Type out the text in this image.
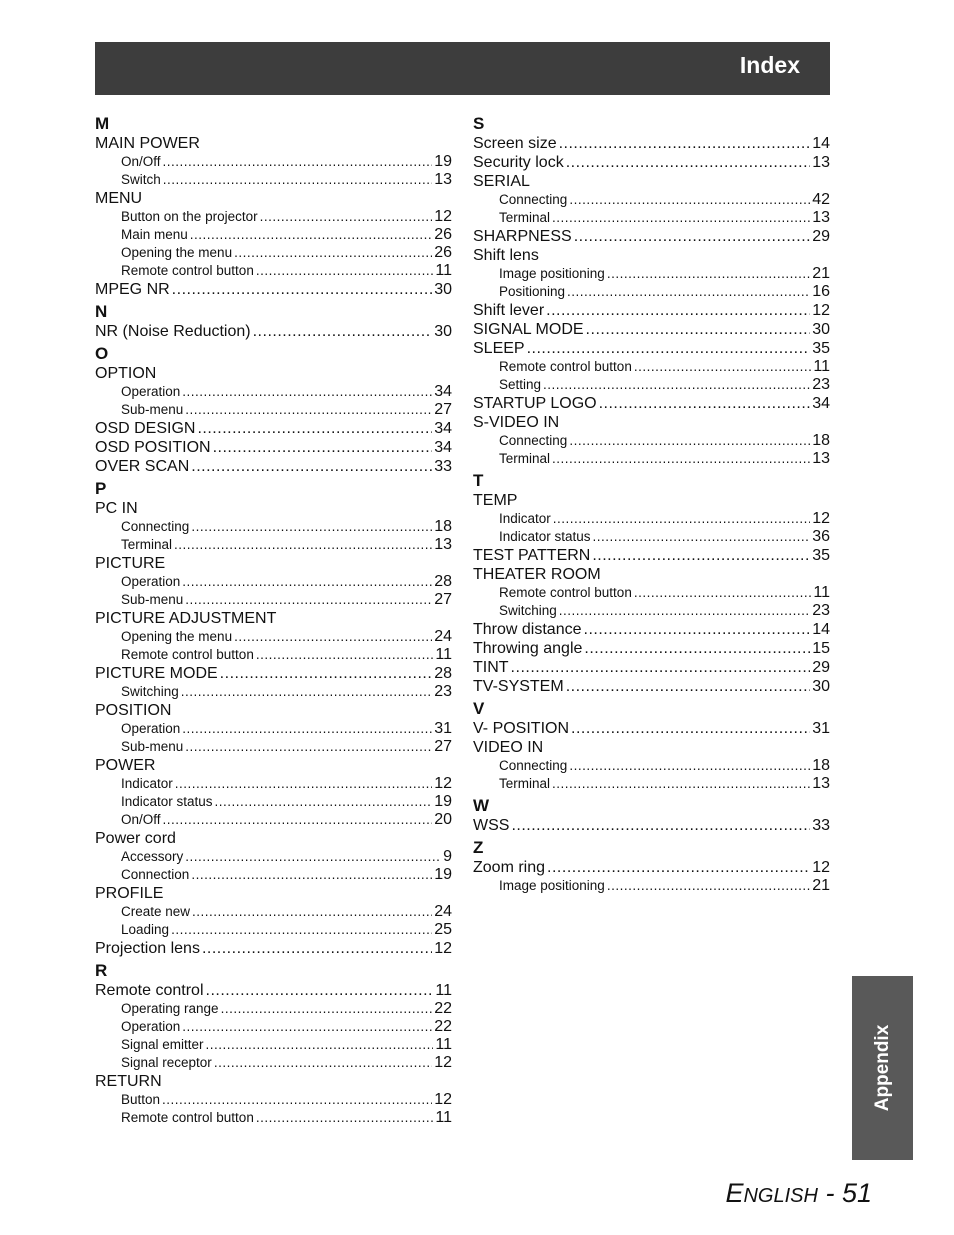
Index
M
MAIN POWER
On/Off .....	19
Switch .....	13
MENU
Button on the projector .....	12
Main menu .....	26
Opening the menu .....	26
Remote control button .....	11
MPEG NR .....	30
N
NR (Noise Reduction) .....	30
O
OPTION
Operation .....	34
Sub-menu .....	27
OSD DESIGN .....	34
OSD POSITION .....	34
OVER SCAN .....	33
P
PC IN
Connecting .....	18
Terminal .....	13
PICTURE
Operation .....	28
Sub-menu .....	27
PICTURE ADJUSTMENT
Opening the menu .....	24
Remote control button .....	11
PICTURE MODE .....	28
Switching .....	23
POSITION
Operation .....	31
Sub-menu .....	27
POWER
Indicator .....	12
Indicator status .....	19
On/Off .....	20
Power cord
Accessory .....	9
Connection .....	19
PROFILE
Create new .....	24
Loading .....	25
Projection lens .....	12
R
Remote control .....	11
Operating range .....	22
Operation .....	22
Signal emitter .....	11
Signal receptor .....	12
RETURN
Button .....	12
Remote control button .....	11
S
Screen size .....	14
Security lock .....	13
SERIAL
Connecting .....	42
Terminal .....	13
SHARPNESS .....	29
Shift lens
Image positioning .....	21
Positioning .....	16
Shift lever .....	12
SIGNAL MODE .....	30
SLEEP .....	35
Remote control button .....	11
Setting .....	23
STARTUP LOGO .....	34
S-VIDEO IN
Connecting .....	18
Terminal .....	13
T
TEMP
Indicator .....	12
Indicator status .....	36
TEST PATTERN .....	35
THEATER ROOM
Remote control button .....	11
Switching .....	23
Throw distance .....	14
Throwing angle .....	15
TINT .....	29
TV-SYSTEM .....	30
V
V- POSITION .....	31
VIDEO IN
Connecting .....	18
Terminal .....	13
W
WSS .....	33
Z
Zoom ring .....	12
Image positioning .....	21
Appendix
ENGLISH - 51
